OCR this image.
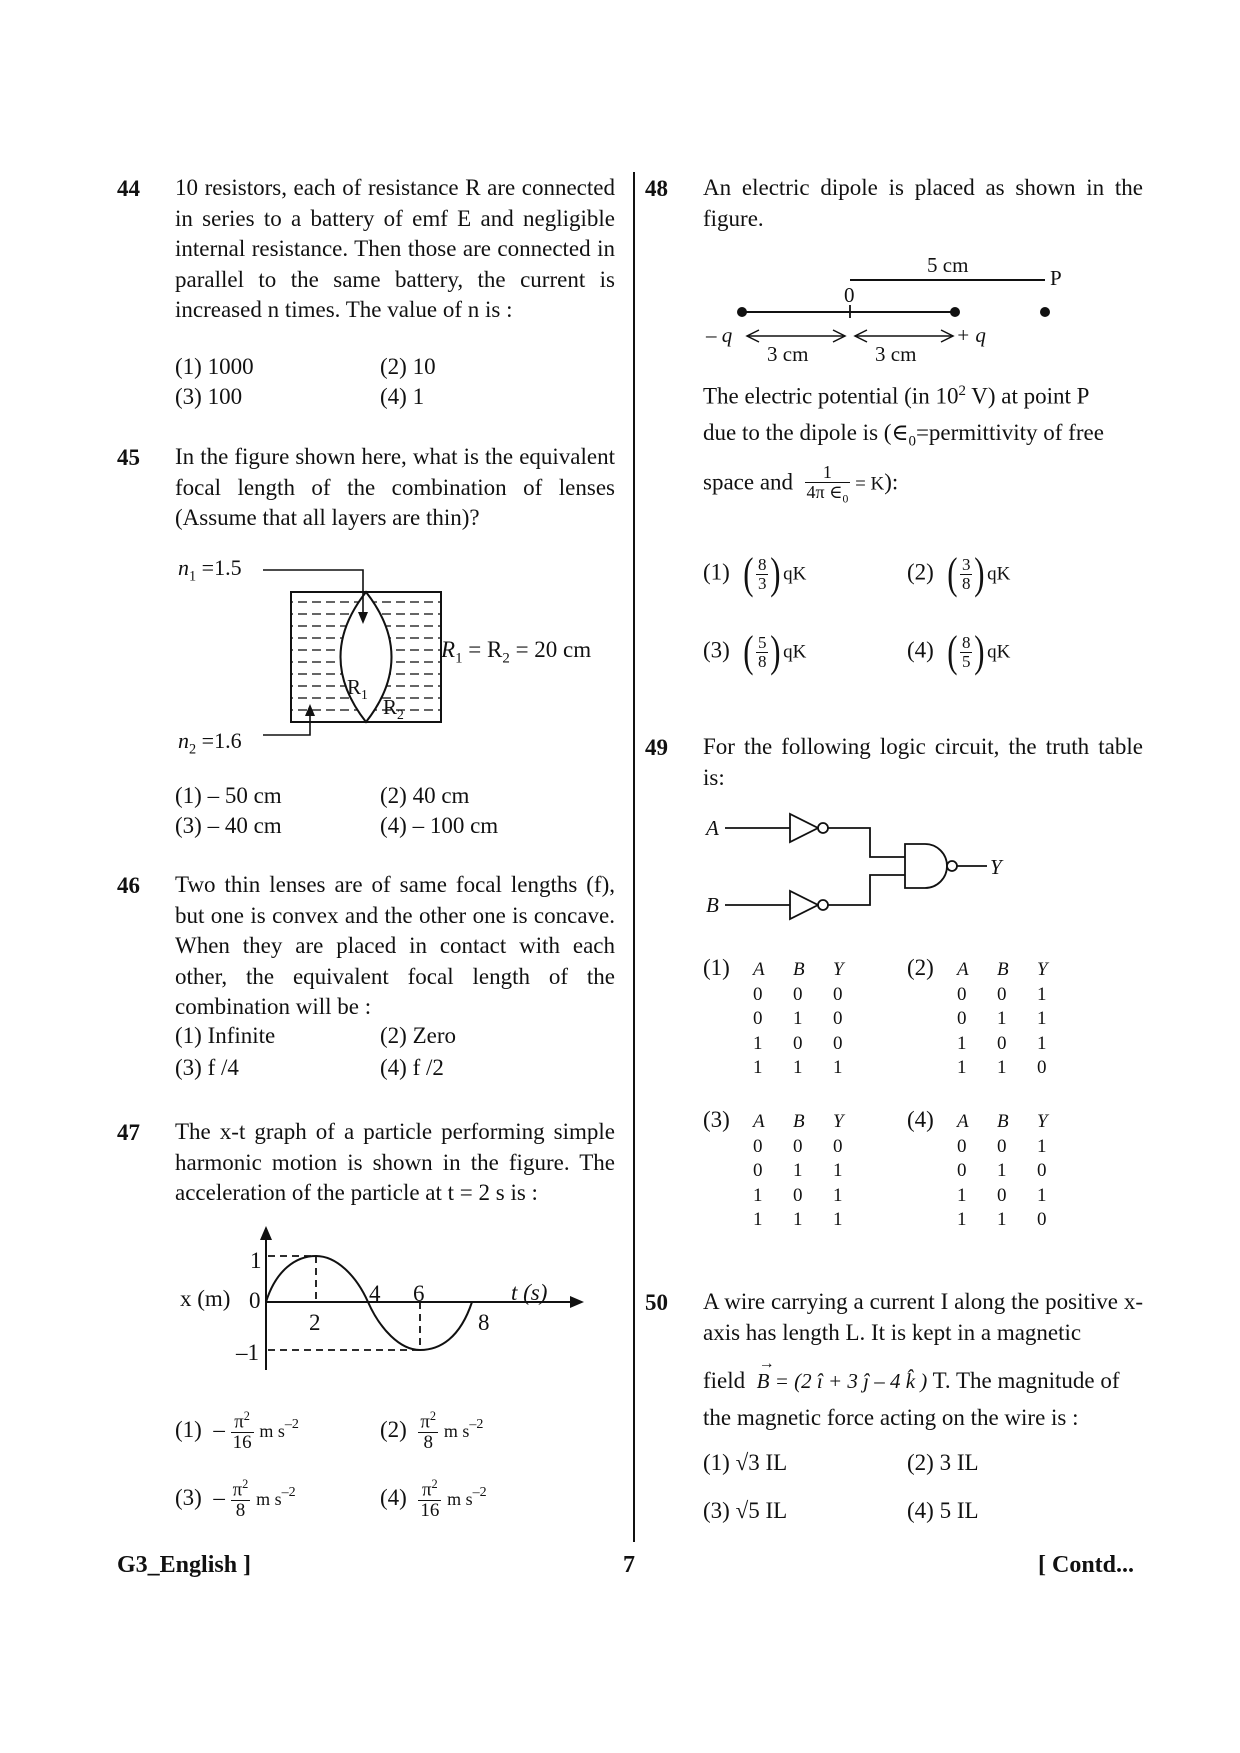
44 10 resistors, each of resistance R are connected in series to a battery of emf E and negligible internal resistance. Then those are connected in parallel to the same battery, the current is increased n times. The value of n is :
(1) 1000	(2) 10
(3) 100	(4) 1
45 In the figure shown here, what is the equivalent focal length of the combination of lenses (Assume that all layers are thin)?
$n_1 =1.5$
$n_2 =1.6$
$R_1 = R_2 = 20$ cm
$R_1$
$R_2$
(1) – 50 cm	(2) 40 cm
(3) – 40 cm	(4) – 100 cm
46 Two thin lenses are of same focal lengths (f), but one is convex and the other one is concave. When they are placed in contact with each other, the equivalent focal length of the combination will be :
(1) Infinite	(2) Zero
(3) f /4	(4) f /2
47 The x-t graph of a particle performing simple harmonic motion is shown in the figure. The acceleration of the particle at t = 2 s is :
x (m)
1
0
–1
2
4 6
8
t (s)
$(1) - \frac{\pi^2}{16}$ m $s^{-2}$	$(2) \frac{\pi^2}{8}$ m $s^{-2}$
$(3) - \frac{\pi^2}{8}$ m $s^{-2}$	$(4) \frac{\pi^2}{16}$ m $s^{-2}$
48 An electric dipole is placed as shown in the figure.
5 cm
0
P
– q	+ q
3 cm	3 cm
The electric potential (in $10^2$ V) at point P
due to the dipole is ($\in_0=permittivity$ of free
space and $\frac{1}{4\pi \in_0} = K$):
(1) ( $\frac{8}{3}$ ) qK	(2) ( $\frac{3}{8}$ ) qK
(3) ( $\frac{5}{8}$ ) qK	(4) ( $\frac{8}{5}$ ) qK
49 For the following logic circuit, the truth table is:
A
B
Y
(1) A B Y
0 0 0
0 1 0
1 0 0
1 1 1
(2) A B Y
0 0 1
0 1 1
1 0 1
1 1 0
(3) A B Y
0 0 0
0 1 1
1 0 1
1 1 1
(4) A B Y
0 0 1
0 1 0
1 0 1
1 1 0
50 A wire carrying a current I along the positive x-axis has length L. It is kept in a magnetic
field
→
B = (2 î + 3 ĵ – 4 k̂ ) T. The magnitude of
the magnetic force acting on the wire is :
(1) √3 IL	(2) 3 IL
(3) √5 IL	(4) 5 IL
G3_English ]	7	[ Contd...
